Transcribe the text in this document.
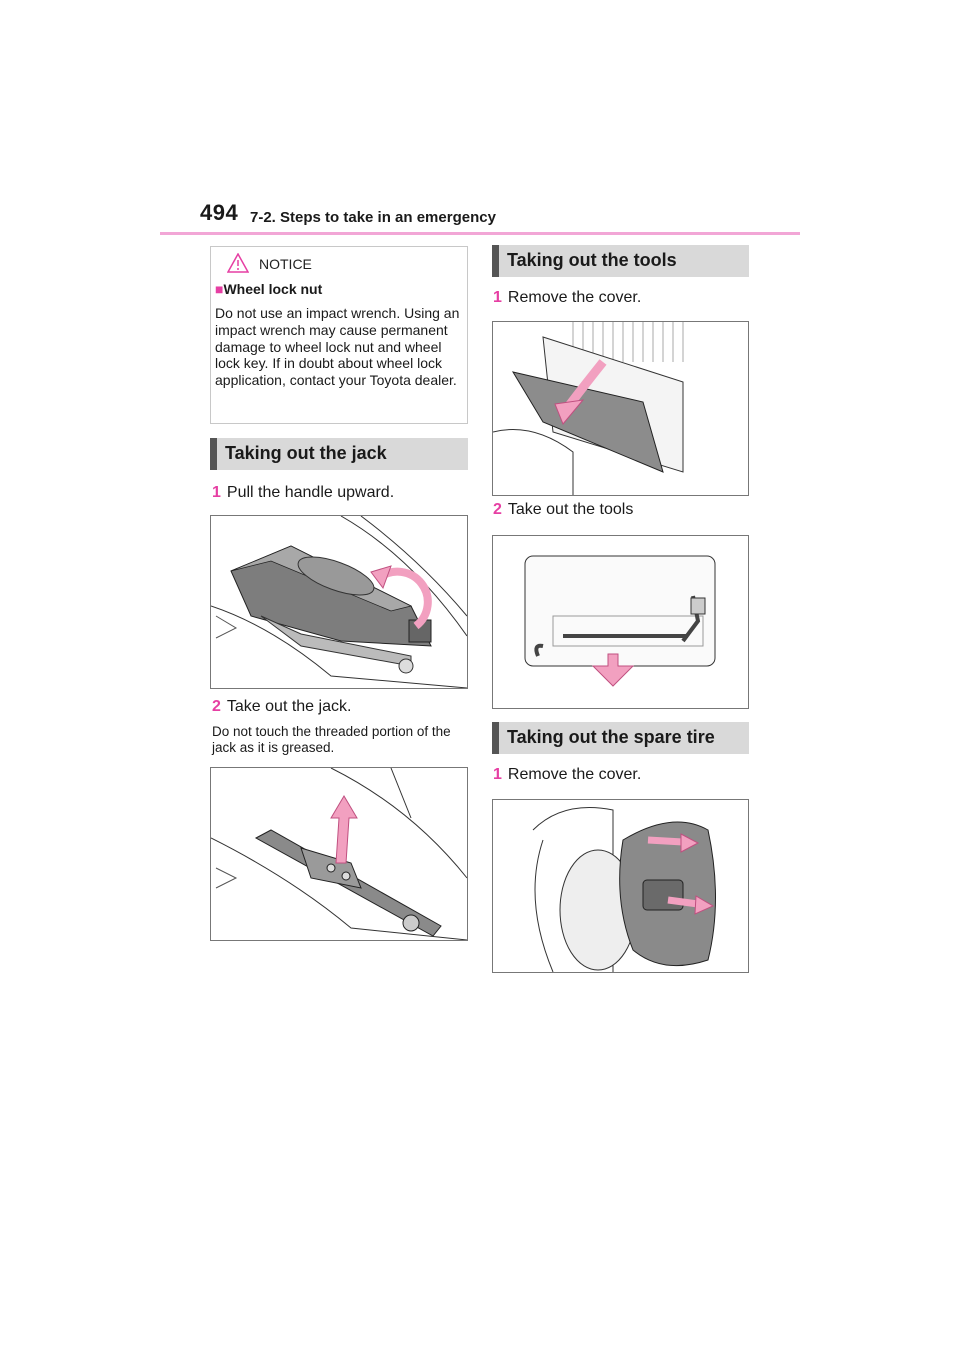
494 7-2. Steps to take in an emergency
NOTICE
■Wheel lock nut
Do not use an impact wrench. Using an impact wrench may cause permanent damage to wheel lock nut and wheel lock key. If in doubt about wheel lock application, contact your Toyota dealer.
Taking out the jack
1 Pull the handle upward.
2 Take out the jack.
Do not touch the threaded portion of the jack as it is greased.
Taking out the tools
1 Remove the cover.
2 Take out the tools
Taking out the spare tire
1 Remove the cover.
